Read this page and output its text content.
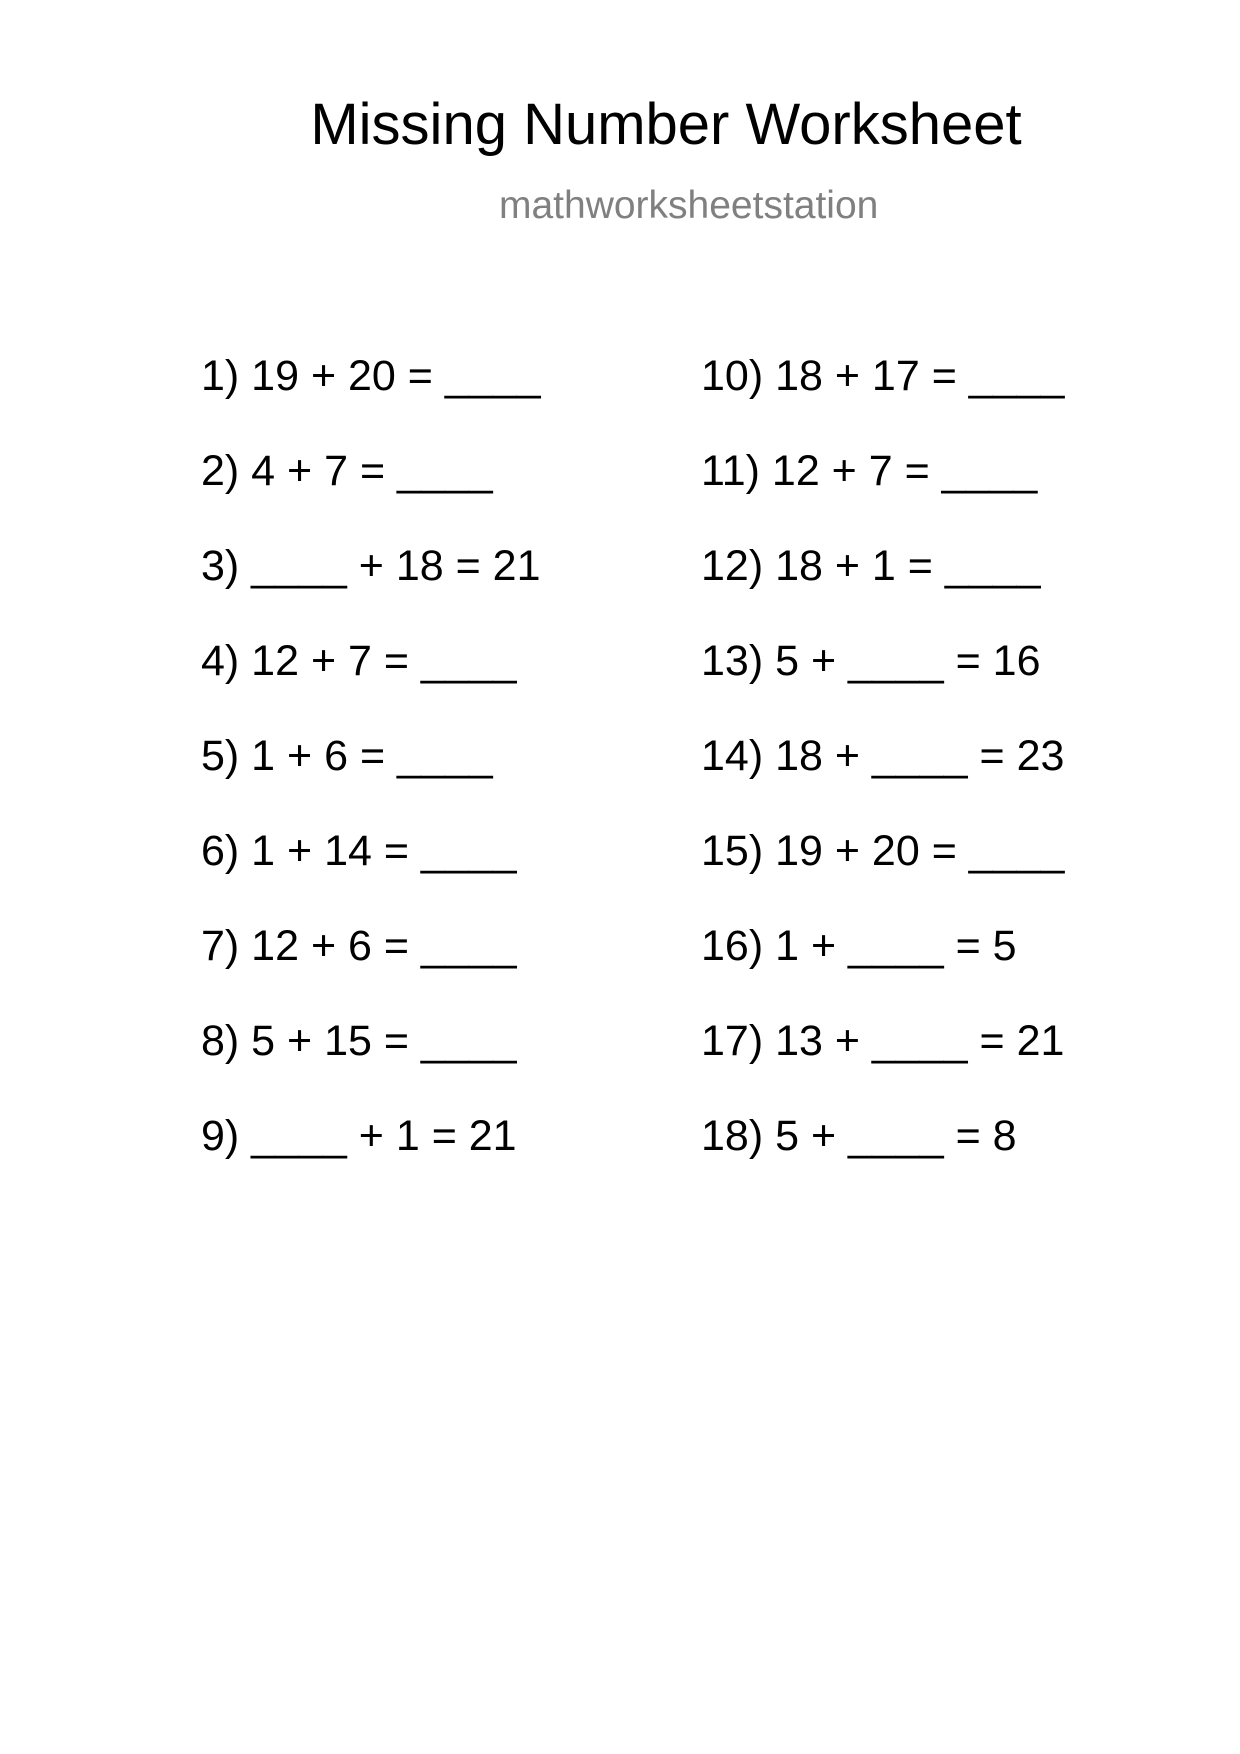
Missing Number Worksheet
mathworksheetstation
1) 19 + 20 = ____
2) 4 + 7 = ____
3) ____ + 18 = 21
4) 12 + 7 = ____
5) 1 + 6 = ____
6) 1 + 14 = ____
7) 12 + 6 = ____
8) 5 + 15 = ____
9) ____ + 1 = 21
10) 18 + 17 = ____
11) 12 + 7 = ____
12) 18 + 1 = ____
13) 5 + ____ = 16
14) 18 + ____ = 23
15) 19 + 20 = ____
16) 1 + ____ = 5
17) 13 + ____ = 21
18) 5 + ____ = 8
